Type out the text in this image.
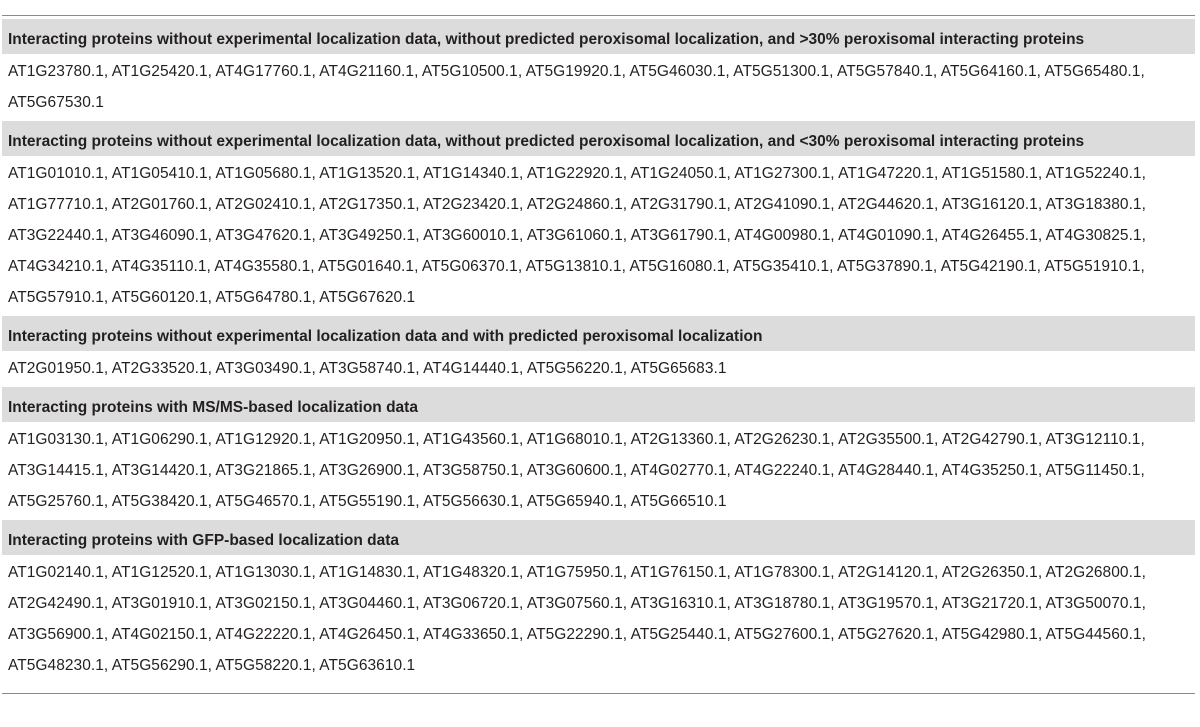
Interacting proteins without experimental localization data, without predicted peroxisomal localization, and >30% peroxisomal interacting proteins
AT1G23780.1, AT1G25420.1, AT4G17760.1, AT4G21160.1, AT5G10500.1, AT5G19920.1, AT5G46030.1, AT5G51300.1, AT5G57840.1, AT5G64160.1, AT5G65480.1, AT5G67530.1
Interacting proteins without experimental localization data, without predicted peroxisomal localization, and <30% peroxisomal interacting proteins
AT1G01010.1, AT1G05410.1, AT1G05680.1, AT1G13520.1, AT1G14340.1, AT1G22920.1, AT1G24050.1, AT1G27300.1, AT1G47220.1, AT1G51580.1, AT1G52240.1, AT1G77710.1, AT2G01760.1, AT2G02410.1, AT2G17350.1, AT2G23420.1, AT2G24860.1, AT2G31790.1, AT2G41090.1, AT2G44620.1, AT3G16120.1, AT3G18380.1, AT3G22440.1, AT3G46090.1, AT3G47620.1, AT3G49250.1, AT3G60010.1, AT3G61060.1, AT3G61790.1, AT4G00980.1, AT4G01090.1, AT4G26455.1, AT4G30825.1, AT4G34210.1, AT4G35110.1, AT4G35580.1, AT5G01640.1, AT5G06370.1, AT5G13810.1, AT5G16080.1, AT5G35410.1, AT5G37890.1, AT5G42190.1, AT5G51910.1, AT5G57910.1, AT5G60120.1, AT5G64780.1, AT5G67620.1
Interacting proteins without experimental localization data and with predicted peroxisomal localization
AT2G01950.1, AT2G33520.1, AT3G03490.1, AT3G58740.1, AT4G14440.1, AT5G56220.1, AT5G65683.1
Interacting proteins with MS/MS-based localization data
AT1G03130.1, AT1G06290.1, AT1G12920.1, AT1G20950.1, AT1G43560.1, AT1G68010.1, AT2G13360.1, AT2G26230.1, AT2G35500.1, AT2G42790.1, AT3G12110.1, AT3G14415.1, AT3G14420.1, AT3G21865.1, AT3G26900.1, AT3G58750.1, AT3G60600.1, AT4G02770.1, AT4G22240.1, AT4G28440.1, AT4G35250.1, AT5G11450.1, AT5G25760.1, AT5G38420.1, AT5G46570.1, AT5G55190.1, AT5G56630.1, AT5G65940.1, AT5G66510.1
Interacting proteins with GFP-based localization data
AT1G02140.1, AT1G12520.1, AT1G13030.1, AT1G14830.1, AT1G48320.1, AT1G75950.1, AT1G76150.1, AT1G78300.1, AT2G14120.1, AT2G26350.1, AT2G26800.1, AT2G42490.1, AT3G01910.1, AT3G02150.1, AT3G04460.1, AT3G06720.1, AT3G07560.1, AT3G16310.1, AT3G18780.1, AT3G19570.1, AT3G21720.1, AT3G50070.1, AT3G56900.1, AT4G02150.1, AT4G22220.1, AT4G26450.1, AT4G33650.1, AT5G22290.1, AT5G25440.1, AT5G27600.1, AT5G27620.1, AT5G42980.1, AT5G44560.1, AT5G48230.1, AT5G56290.1, AT5G58220.1, AT5G63610.1
